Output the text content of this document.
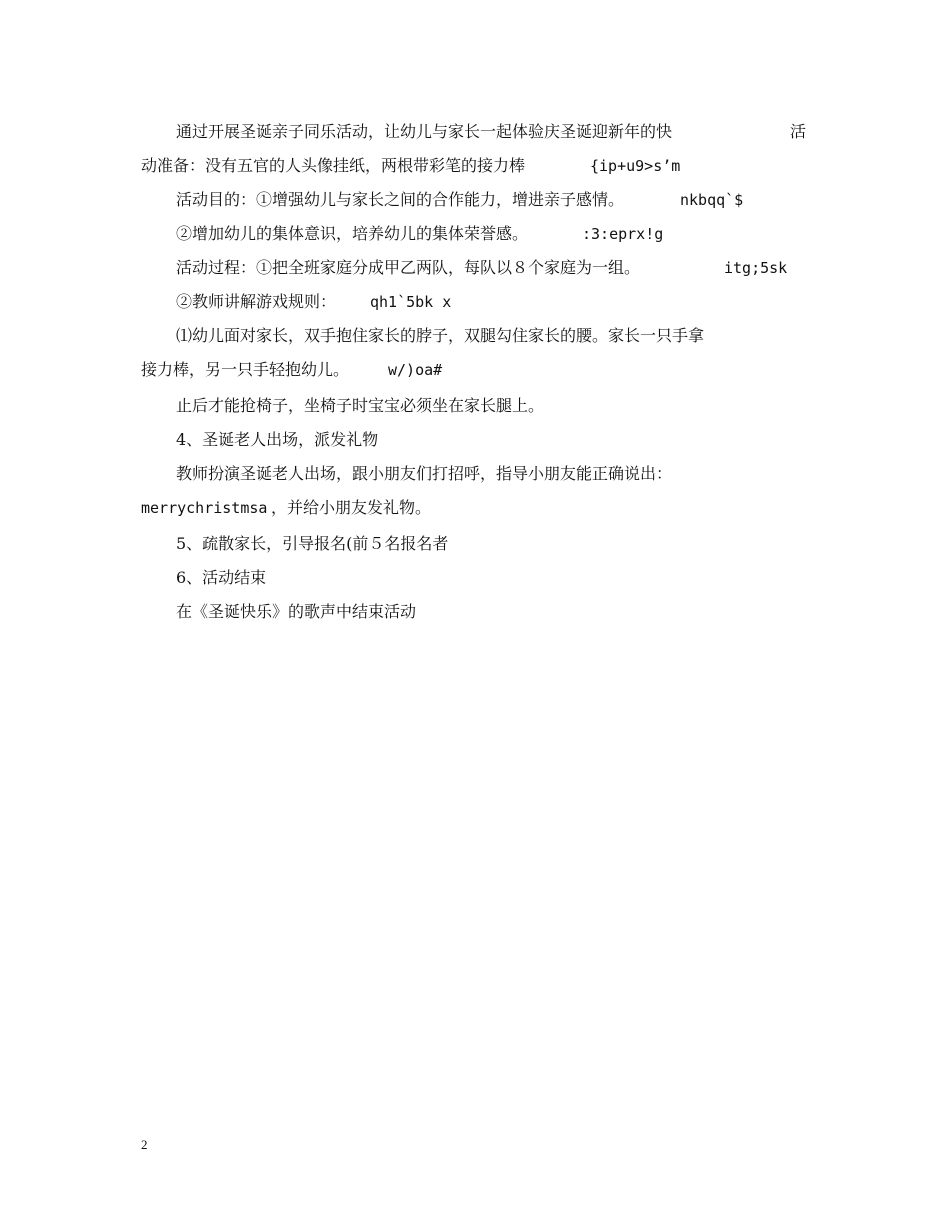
通过开展圣诞亲子同乐活动，让幼儿与家长一起体验庆圣诞迎新年的快	活
动准备：没有五官的人头像挂纸，两根带彩笔的接力棒	{ip+u9>s’m
活动目的：①增强幼儿与家长之间的合作能力，增进亲子感情。	nkbqq`$
②增加幼儿的集体意识，培养幼儿的集体荣誉感。	:3:eprx!g
活动过程：①把全班家庭分成甲乙两队，每队以８个家庭为一组。	itg;5sk
②教师讲解游戏规则： qh1`5bk x
⑴幼儿面对家长，双手抱住家长的脖子，双腿勾住家长的腰。家长一只手拿
接力棒，另一只手轻抱幼儿。	w/)oa#
止后才能抢椅子，坐椅子时宝宝必须坐在家长腿上。
4、圣诞老人出场，派发礼物
教师扮演圣诞老人出场，跟小朋友们打招呼，指导小朋友能正确说出：
merrychristmsa ，并给小朋友发礼物。
5、疏散家长，引导报名(前５名报名者
6、活动结束
在《圣诞快乐》的歌声中结束活动
2
